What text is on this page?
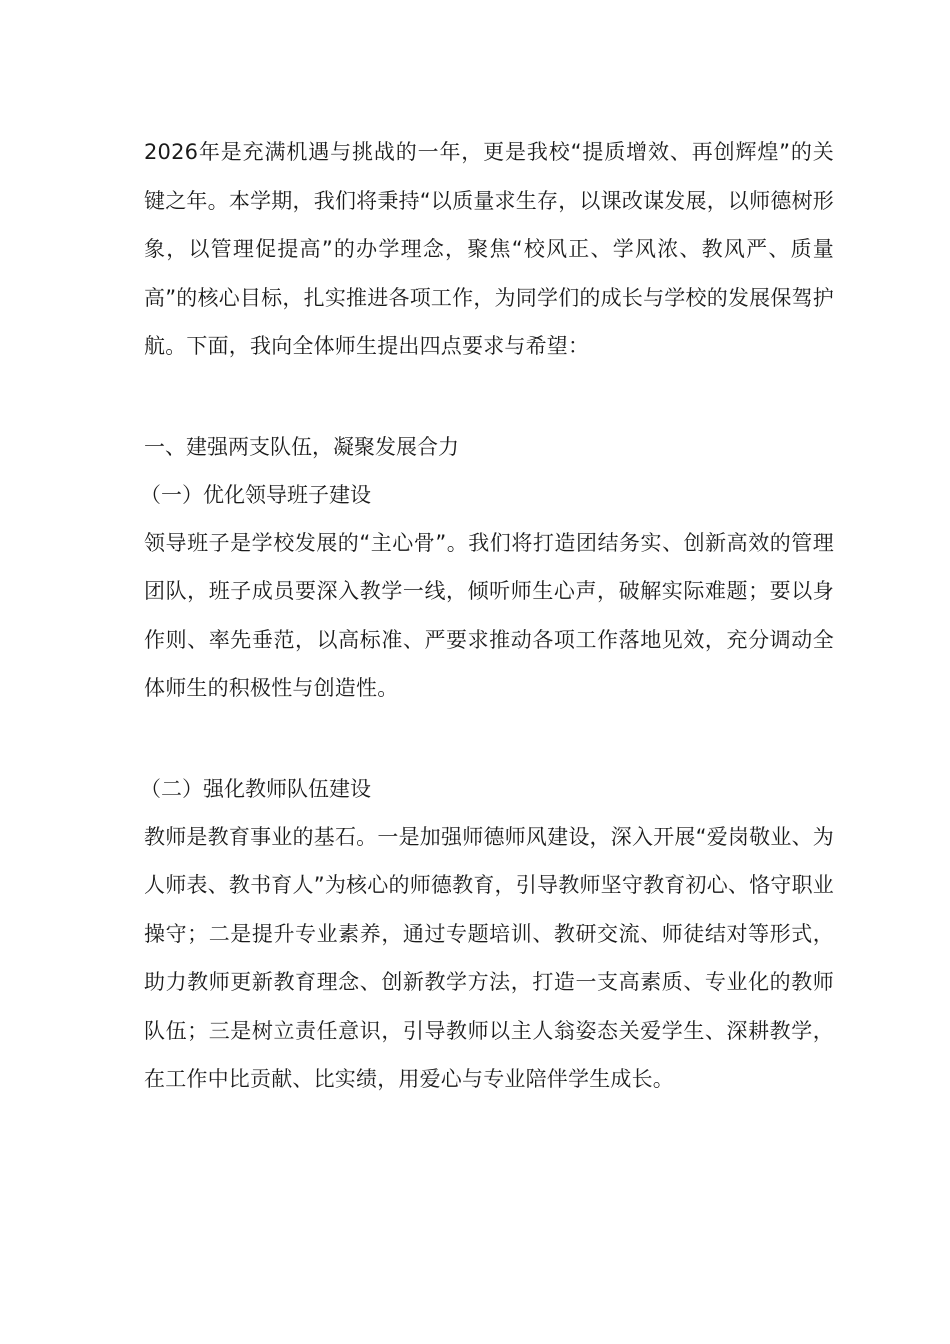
2026年是充满机遇与挑战的一年，更是我校“提质增效、再创辉煌”的关键之年。本学期，我们将秉持“以质量求生存，以课改谋发展，以师德树形象，以管理促提高”的办学理念，聚焦“校风正、学风浓、教风严、质量高”的核心目标，扎实推进各项工作，为同学们的成长与学校的发展保驾护航。下面，我向全体师生提出四点要求与希望：

一、建强两支队伍，凝聚发展合力

（一）优化领导班子建设

领导班子是学校发展的“主心骨”。我们将打造团结务实、创新高效的管理团队，班子成员要深入教学一线，倾听师生心声，破解实际难题；要以身作则、率先垂范，以高标准、严要求推动各项工作落地见效，充分调动全体师生的积极性与创造性。

（二）强化教师队伍建设

教师是教育事业的基石。一是加强师德师风建设，深入开展“爱岗敬业、为人师表、教书育人”为核心的师德教育，引导教师坚守教育初心、恪守职业操守；二是提升专业素养，通过专题培训、教研交流、师徒结对等形式，助力教师更新教育理念、创新教学方法，打造一支高素质、专业化的教师队伍；三是树立责任意识，引导教师以主人翁姿态关爱学生、深耕教学，在工作中比贡献、比实绩，用爱心与专业陪伴学生成长。
